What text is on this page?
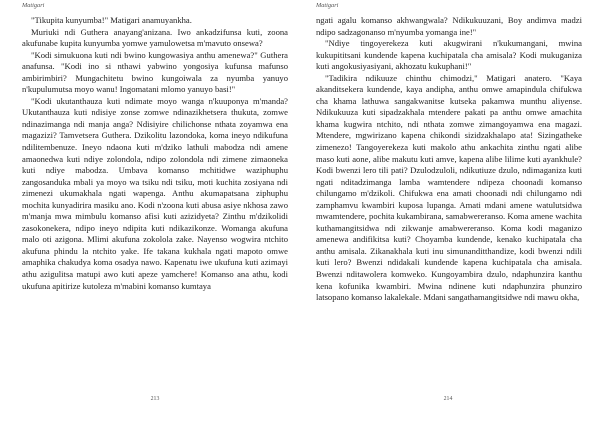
Matigari

"Tikupita kunyumba!" Matigari anamuyankha.

Muriuki ndi Guthera anayang'anizana. Iwo ankadzifunsa kuti, zoona akufunabe kupita kunyumba yomwe yamulowetsa m'mavuto onsewa?

"Kodi simukuona kuti ndi bwino kungowasiya anthu amenewa?" Guthera anafunsa. "Kodi ino si nthawi yabwino yongosiya kufunsa mafunso ambirimbiri? Mungachitetu bwino kungoiwala za nyumba yanuyo n'kupulumutsa moyo wanu! Ingomatani mlomo yanuyo basi!"

"Kodi ukutanthauza kuti ndimate moyo wanga n'kuuponya m'manda? Ukutanthauza kuti ndisiye zonse zomwe ndinazikhetsera thukuta, zomwe ndinazimanga ndi manja anga? Ndisiyire chilichonse nthata zoyamwa ena magazizi? Tamvetsera Guthera. Dzikolitu lazondoka, koma ineyo ndikufuna ndilitembenuze. Ineyo ndaona kuti m'dziko lathuli mabodza ndi amene amaonedwa kuti ndiye zolondola, ndipo zolondola ndi zimene zimaoneka kuti ndiye mabodza. Umbava komanso mchitidwe waziphuphu zangosanduka mbali ya moyo wa tsiku ndi tsiku, moti kuchita zosiyana ndi zimenezi ukumakhala ngati wapenga. Anthu akumapatsana ziphuphu mochita kunyadirira masiku ano. Kodi n'zoona kuti abusa asiye nkhosa zawo m'manja mwa mimbulu komanso afisi kuti azizidyeta? Zinthu m'dzikolidi zasokonekera, ndipo ineyo ndipita kuti ndikazikonze. Womanga akufuna malo oti azigona. Mlimi akufuna zokolola zake. Nayenso wogwira ntchito akufuna phindu la ntchito yake. Ife takana kukhala ngati mapoto omwe amaphika chakudya koma osadya nawo. Kapenatu iwe ukufuna kuti azimayi athu azigulitsa matupi awo kuti apeze yamchere! Komanso ana athu, kodi ukufuna apitirize kutoleza m'mabini komanso kumtaya

213
Matigari

ngati agalu komanso akhwangwala? Ndikukuuzani, Boy andimva madzi ndipo sadzagonanso m'nyumba yomanga ine!"

"Ndiye tingoyerekeza kuti akugwirani n'kukumangani, mwina kukupititsani kundende kapena kuchipatala cha amisala? Kodi mukuganiza kuti angokusiyasiyani, akhozatu kukuphani!"

"Tadikira ndikuuze chinthu chimodzi," Matigari anatero. "Kaya akanditsekera kundende, kaya andipha, anthu omwe amapindula chifukwa cha khama lathuwa sangakwanitse kutseka pakamwa munthu aliyense. Ndikukuuza kuti sipadzakhala mtendere pakati pa anthu omwe amachita khama kugwira ntchito, ndi nthata zomwe zimangoyamwa ena magazi. Mtendere, mgwirizano kapena chikondi sizidzakhalapo ata! Sizingatheke zimenezo! Tangoyerekeza kuti makolo athu ankachita zinthu ngati alibe maso kuti aone, alibe makutu kuti amve, kapena alibe lilime kuti ayankhule? Kodi bwenzi lero tili pati? Dzulodzuloli, ndikutiuze dzulo, ndimaganiza kuti ngati nditadzimanga lamba wamtendere ndipeza choonadi komanso chilungamo m'dzikoli. Chifukwa ena amati choonadi ndi chilungamo ndi zamphamvu kwambiri kuposa lupanga. Amati mdani amene watulutsidwa mwamtendere, pochita kukambirana, samabwereranso. Koma amene wachita kuthamangitsidwa ndi zikwanje amabwereranso. Koma kodi maganizo amenewa andifikitsa kuti? Choyamba kundende, kenako kuchipatala cha anthu amisala. Zikanakhala kuti inu simunanditthandize, kodi bwenzi ndili kuti lero? Bwenzi ndidakali kundende kapena kuchipatala cha amisala. Bwenzi nditawolera komweko. Kungoyambira dzulo, ndaphunzira kanthu kena kofunika kwambiri. Mwina ndinene kuti ndaphunzira phunziro latsopano komanso lakalekale. Mdani sangathamangitsidwe ndi mawu okha,

214
